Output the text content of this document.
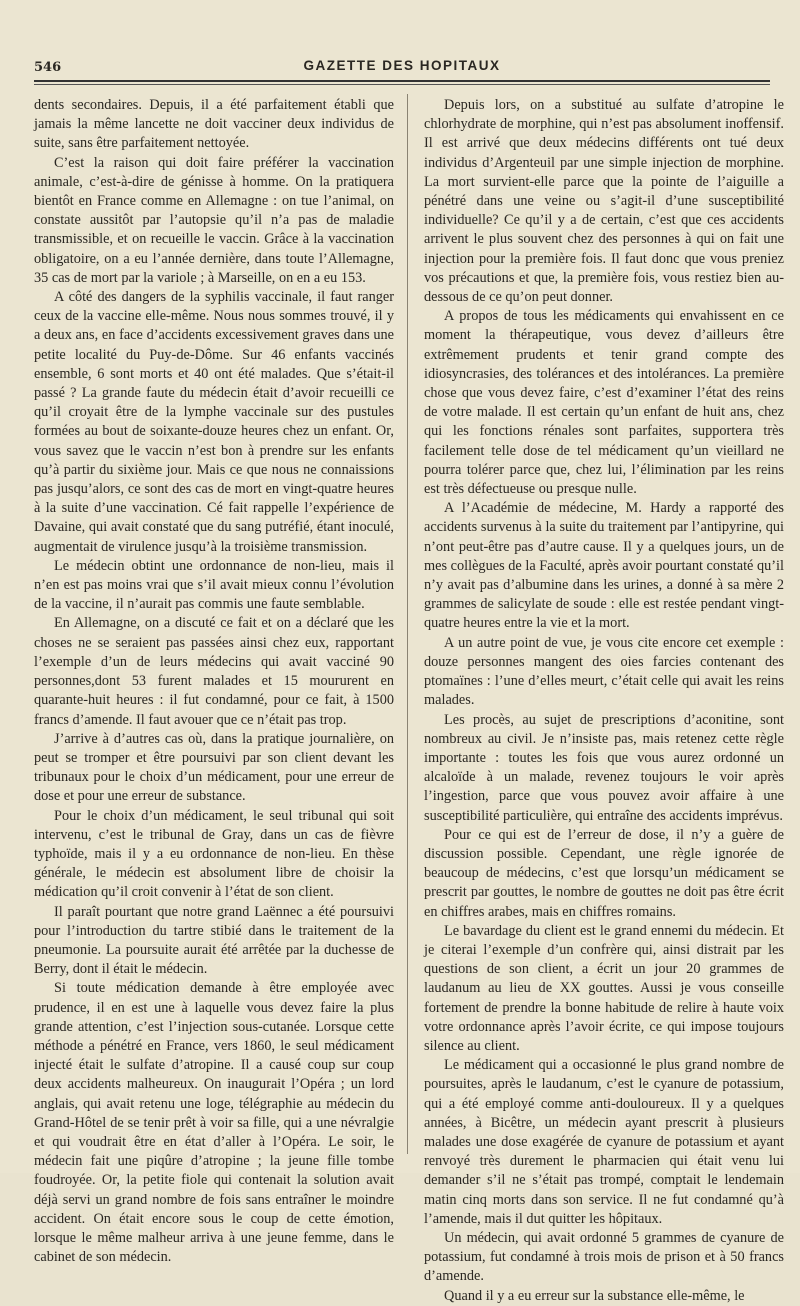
546	GAZETTE DES HOPITAUX

dents secondaires. Depuis, il a été parfaitement établi que jamais la même lancette ne doit vacciner deux individus de suite, sans être parfaitement nettoyée.

C’est la raison qui doit faire préférer la vaccination animale, c’est-à-dire de génisse à homme. On la pratiquera bientôt en France comme en Allemagne : on tue l’animal, on constate aussitôt par l’autopsie qu’il n’a pas de maladie transmissible, et on recueille le vaccin. Grâce à la vaccination obligatoire, on a eu l’année dernière, dans toute l’Allemagne, 35 cas de mort par la variole ; à Marseille, on en a eu 153.

A côté des dangers de la syphilis vaccinale, il faut ranger ceux de la vaccine elle-même. Nous nous sommes trouvé, il y a deux ans, en face d’accidents excessivement graves dans une petite localité du Puy-de-Dôme. Sur 46 enfants vaccinés ensemble, 6 sont morts et 40 ont été malades. Que s’était-il passé ? La grande faute du médecin était d’avoir recueilli ce qu’il croyait être de la lymphe vaccinale sur des pustules formées au bout de soixante-douze heures chez un enfant. Or, vous savez que le vaccin n’est bon à prendre sur les enfants qu’à partir du sixième jour. Mais ce que nous ne connaissions pas jusqu’alors, ce sont des cas de mort en vingt-quatre heures à la suite d’une vaccination. Cé fait rappelle l’expérience de Davaine, qui avait constaté que du sang putréfié, étant inoculé, augmentait de virulence jusqu’à la troisième transmission.

Le médecin obtint une ordonnance de non-lieu, mais il n’en est pas moins vrai que s’il avait mieux connu l’évolution de la vaccine, il n’aurait pas commis une faute semblable.

En Allemagne, on a discuté ce fait et on a déclaré que les choses ne se seraient pas passées ainsi chez eux, rapportant l’exemple d’un de leurs médecins qui avait vacciné 90 personnes,dont 53 furent malades et 15 moururent en quarante-huit heures : il fut condamné, pour ce fait, à 1500 francs d’amende. Il faut avouer que ce n’était pas trop.

J’arrive à d’autres cas où, dans la pratique journalière, on peut se tromper et être poursuivi par son client devant les tribunaux pour le choix d’un médicament, pour une erreur de dose et pour une erreur de substance.

Pour le choix d’un médicament, le seul tribunal qui soit intervenu, c’est le tribunal de Gray, dans un cas de fièvre typhoïde, mais il y a eu ordonnance de non-lieu. En thèse générale, le médecin est absolument libre de choisir la médication qu’il croit convenir à l’état de son client.

Il paraît pourtant que notre grand Laënnec a été poursuivi pour l’introduction du tartre stibié dans le traitement de la pneumonie. La poursuite aurait été arrêtée par la duchesse de Berry, dont il était le médecin.

Si toute médication demande à être employée avec prudence, il en est une à laquelle vous devez faire la plus grande attention, c’est l’injection sous-cutanée. Lorsque cette méthode a pénétré en France, vers 1860, le seul médicament injecté était le sulfate d’atropine. Il a causé coup sur coup deux accidents malheureux. On inaugurait l’Opéra ; un lord anglais, qui avait retenu une loge, télégraphie au médecin du Grand-Hôtel de se tenir prêt à voir sa fille, qui a une névralgie et qui voudrait être en état d’aller à l’Opéra. Le soir, le médecin fait une piqûre d’atropine ; la jeune fille tombe foudroyée. Or, la petite fiole qui contenait la solution avait déjà servi un grand nombre de fois sans entraîner le moindre accident. On était encore sous le coup de cette émotion, lorsque le même malheur arriva à une jeune femme, dans le cabinet de son médecin.

Depuis lors, on a substitué au sulfate d’atropine le chlorhydrate de morphine, qui n’est pas absolument inoffensif. Il est arrivé que deux médecins différents ont tué deux individus d’Argenteuil par une simple injection de morphine. La mort survient-elle parce que la pointe de l’aiguille a pénétré dans une veine ou s’agit-il d’une susceptibilité individuelle? Ce qu’il y a de certain, c’est que ces accidents arrivent le plus souvent chez des personnes à qui on fait une injection pour la première fois. Il faut donc que vous preniez vos précautions et que, la première fois, vous restiez bien au-dessous de ce qu’on peut donner.

A propos de tous les médicaments qui envahissent en ce moment la thérapeutique, vous devez d’ailleurs être extrêmement prudents et tenir grand compte des idiosyncrasies, des tolérances et des intolérances. La première chose que vous devez faire, c’est d’examiner l’état des reins de votre malade. Il est certain qu’un enfant de huit ans, chez qui les fonctions rénales sont parfaites, supportera très facilement telle dose de tel médicament qu’un vieillard ne pourra tolérer parce que, chez lui, l’élimination par les reins est très défectueuse ou presque nulle.

A l’Académie de médecine, M. Hardy a rapporté des accidents survenus à la suite du traitement par l’antipyrine, qui n’ont peut-être pas d’autre cause. Il y a quelques jours, un de mes collègues de la Faculté, après avoir pourtant constaté qu’il n’y avait pas d’albumine dans les urines, a donné à sa mère 2 grammes de salicylate de soude : elle est restée pendant vingt-quatre heures entre la vie et la mort.

A un autre point de vue, je vous cite encore cet exemple : douze personnes mangent des oies farcies contenant des ptomaïnes : l’une d’elles meurt, c’était celle qui avait les reins malades.

Les procès, au sujet de prescriptions d’aconitine, sont nombreux au civil. Je n’insiste pas, mais retenez cette règle importante : toutes les fois que vous aurez ordonné un alcaloïde à un malade, revenez toujours le voir après l’ingestion, parce que vous pouvez avoir affaire à une susceptibilité particulière, qui entraîne des accidents imprévus.

Pour ce qui est de l’erreur de dose, il n’y a guère de discussion possible. Cependant, une règle ignorée de beaucoup de médecins, c’est que lorsqu’un médicament se prescrit par gouttes, le nombre de gouttes ne doit pas être écrit en chiffres arabes, mais en chiffres romains.

Le bavardage du client est le grand ennemi du médecin. Et je citerai l’exemple d’un confrère qui, ainsi distrait par les questions de son client, a écrit un jour 20 grammes de laudanum au lieu de XX gouttes. Aussi je vous conseille fortement de prendre la bonne habitude de relire à haute voix votre ordonnance après l’avoir écrite, ce qui impose toujours silence au client.

Le médicament qui a occasionné le plus grand nombre de poursuites, après le laudanum, c’est le cyanure de potassium, qui a été employé comme anti-douloureux. Il y a quelques années, à Bicêtre, un médecin ayant prescrit à plusieurs malades une dose exagérée de cyanure de potassium et ayant renvoyé très durement le pharmacien qui était venu lui demander s’il ne s’était pas trompé, comptait le lendemain matin cinq morts dans son service. Il ne fut condamné qu’à l’amende, mais il dut quitter les hôpitaux.

Un médecin, qui avait ordonné 5 grammes de cyanure de potassium, fut condamné à trois mois de prison et à 50 francs d’amende.

Quand il y a eu erreur sur la substance elle-même, le
